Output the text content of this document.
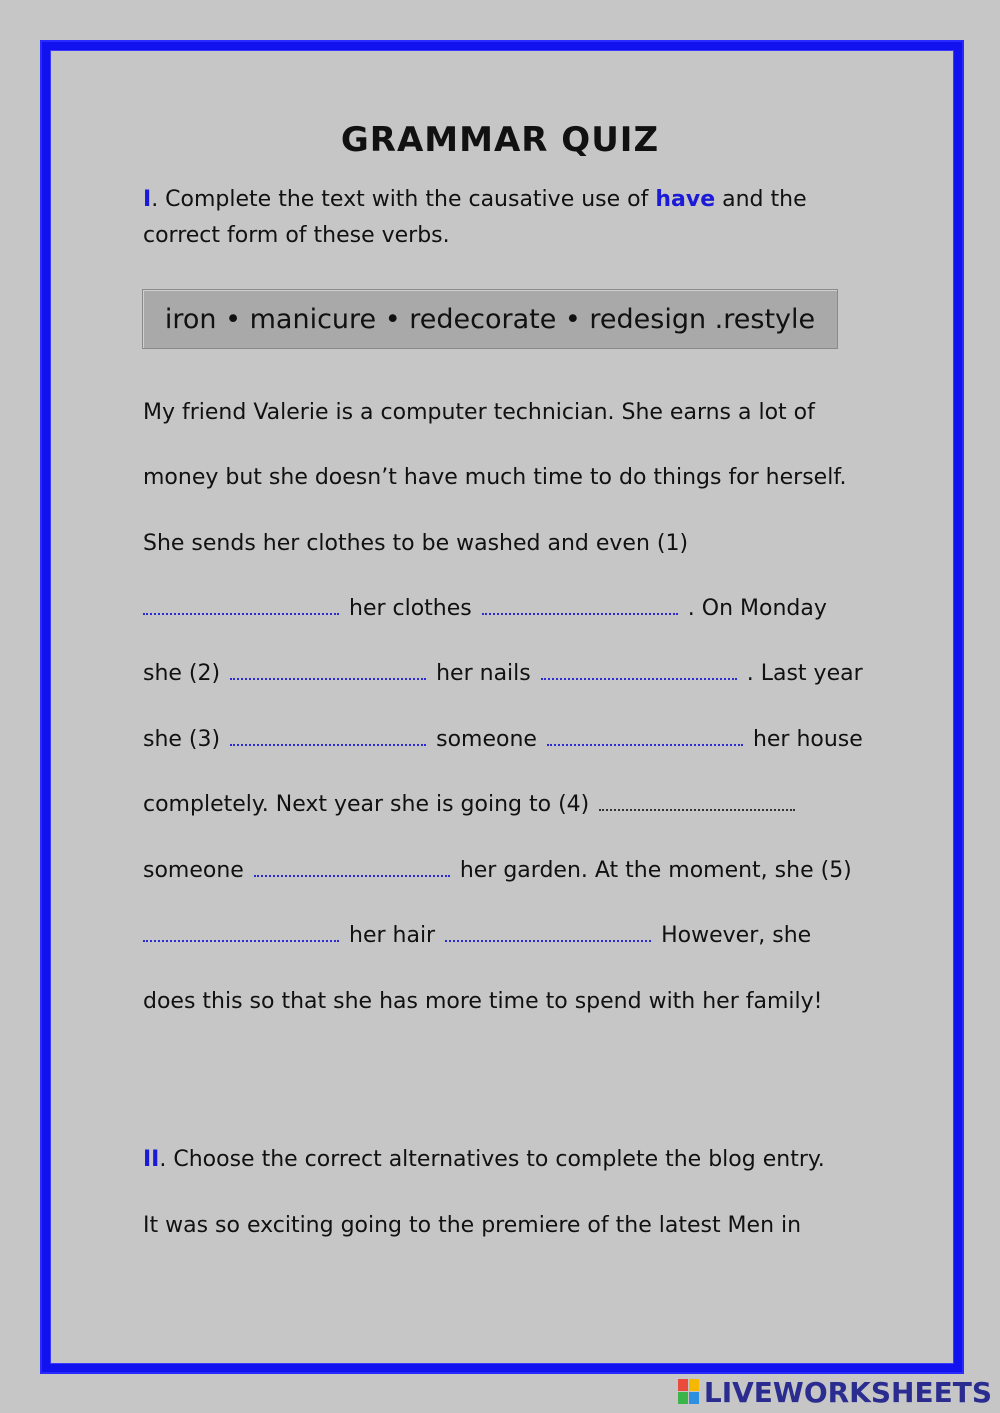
GRAMMAR QUIZ
I. Complete the text with the causative use of have and the correct form of these verbs.
iron • manicure • redecorate • redesign .restyle
My friend Valerie is a computer technician. She earns a lot of
money but she doesn’t have much time to do things for herself.
She sends her clothes to be washed and even (1)
her clothes	. On Monday
she (2)	her nails	. Last year
she (3)	someone	her house
completely. Next year she is going to (4)
someone	her garden. At the moment, she (5)
her hair	However, she
does this so that she has more time to spend with her family!
II. Choose the correct alternatives to complete the blog entry.
It was so exciting going to the premiere of the latest Men in
LIVEWORKSHEETS
